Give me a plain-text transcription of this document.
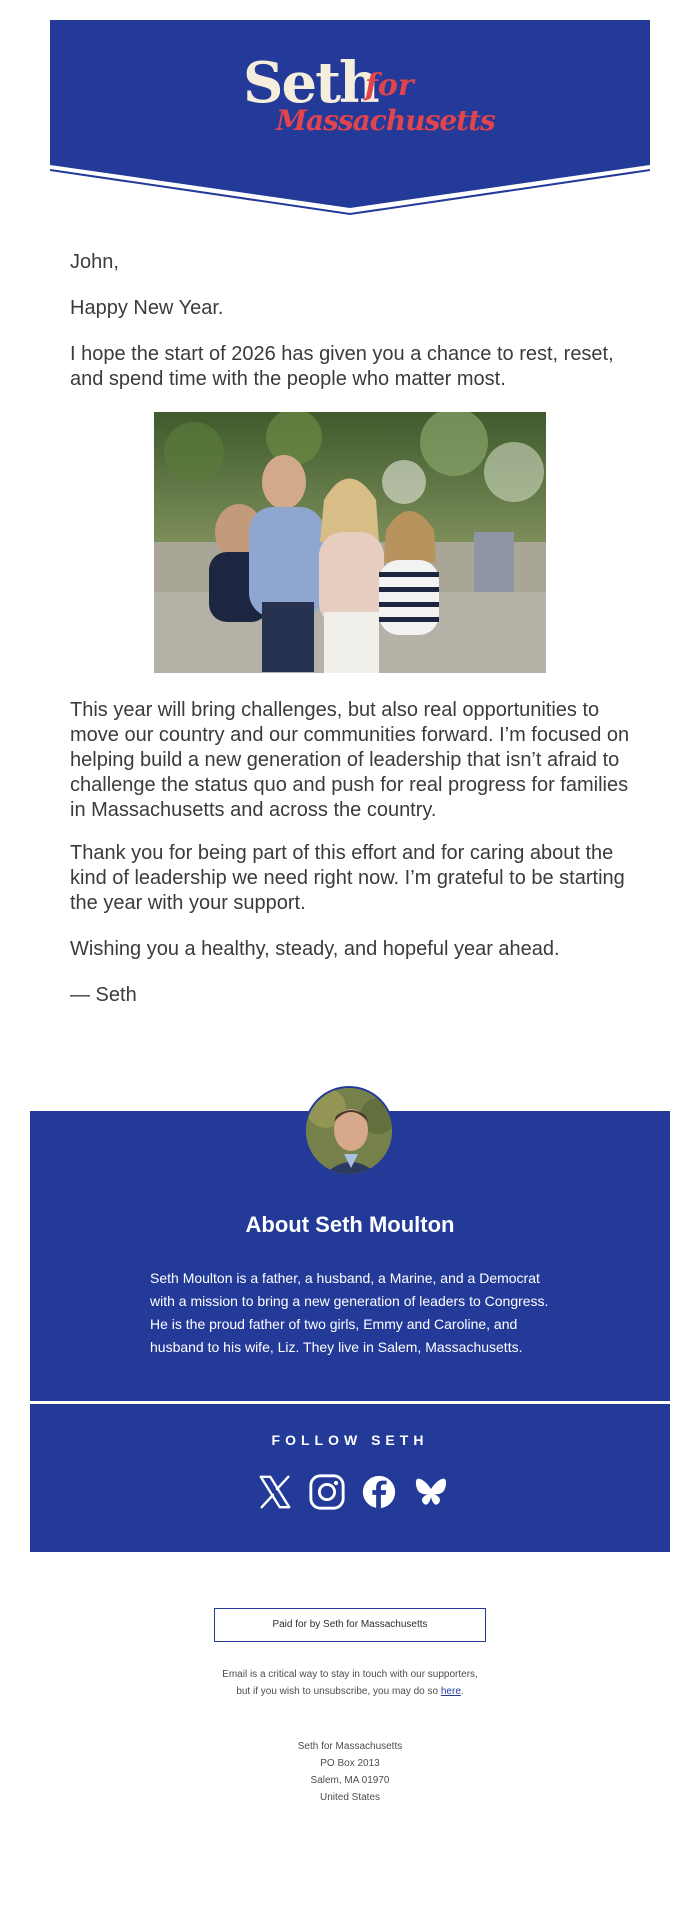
Seth
for
Massachusetts

John,

Happy New Year.

I hope the start of 2026 has given you a chance to rest, reset, and spend time with the people who matter most.

This year will bring challenges, but also real opportunities to move our country and our communities forward. I’m focused on helping build a new generation of leadership that isn’t afraid to challenge the status quo and push for real progress for families in Massachusetts and across the country.

Thank you for being part of this effort and for caring about the kind of leadership we need right now. I’m grateful to be starting the year with your support.

Wishing you a healthy, steady, and hopeful year ahead.

— Seth

About Seth Moulton
Seth Moulton is a father, a husband, a Marine, and a Democrat with a mission to bring a new generation of leaders to Congress. He is the proud father of two girls, Emmy and Caroline, and husband to his wife, Liz. They live in Salem, Massachusetts.
FOLLOW SETH
Paid for by Seth for Massachusetts
Email is a critical way to stay in touch with our supporters, but if you wish to unsubscribe, you may do so here.
Seth for Massachusetts
PO Box 2013
Salem, MA 01970
United States
